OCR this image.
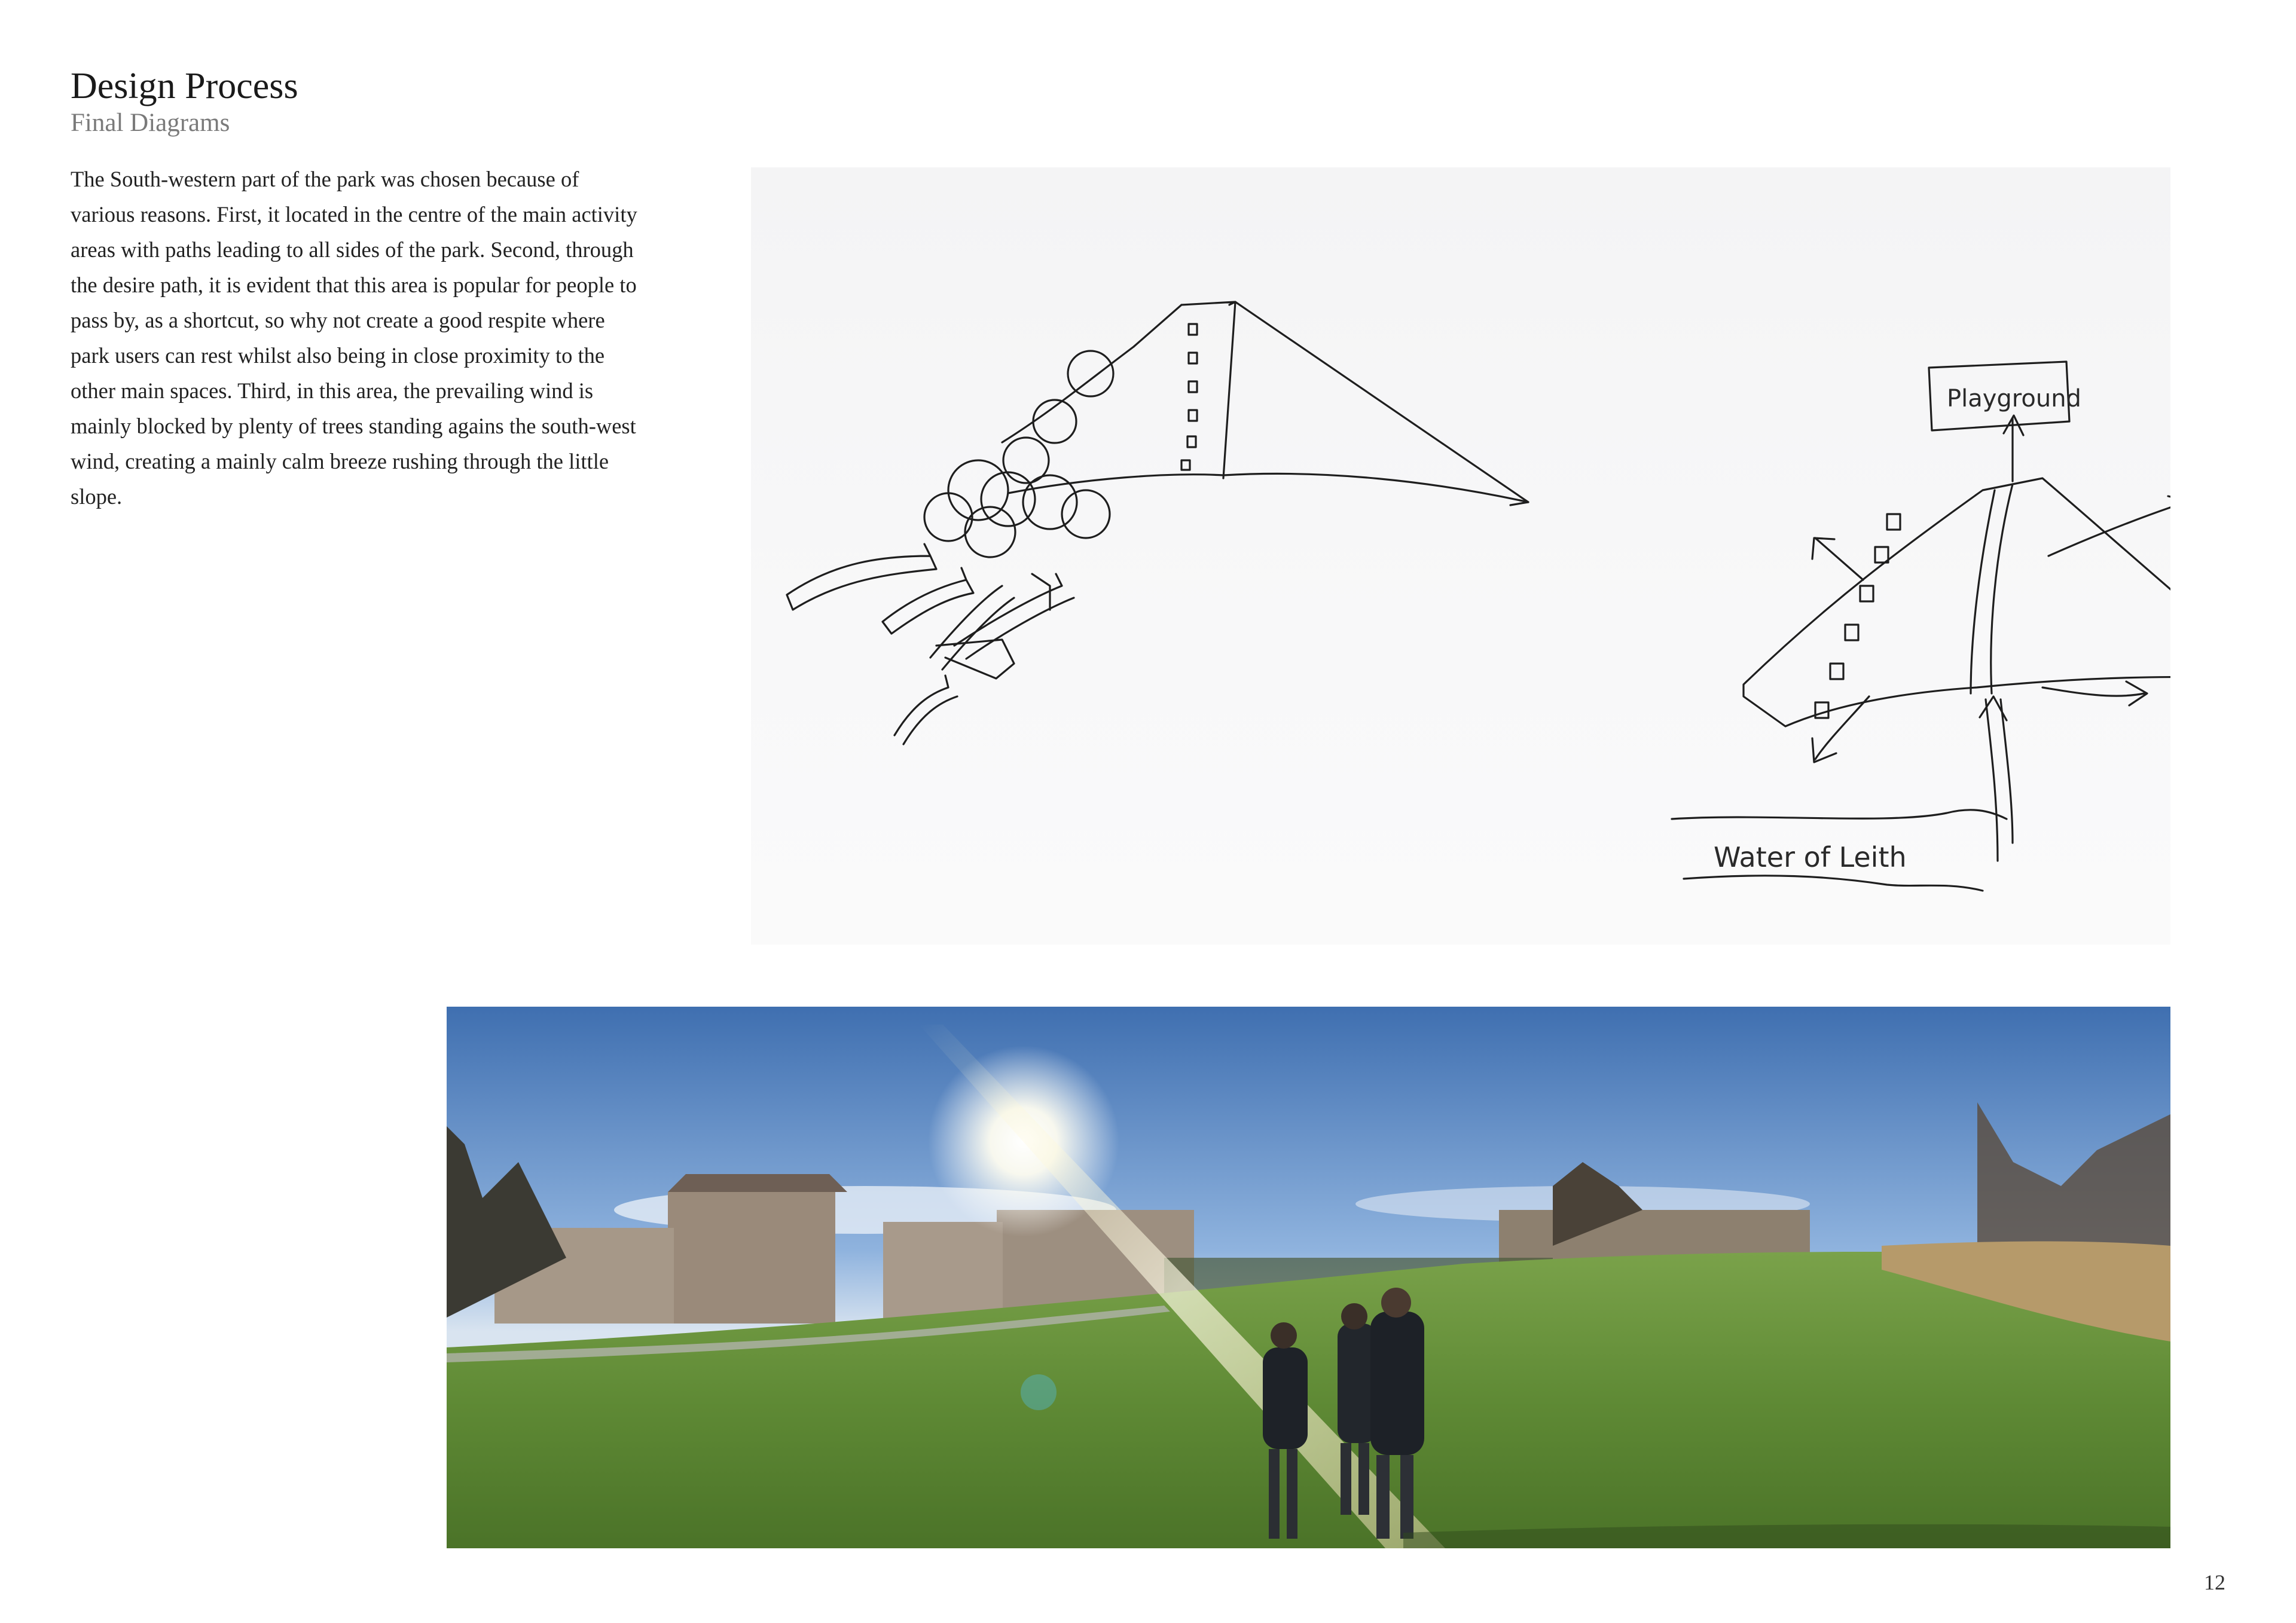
Design Process
Final Diagrams

The South-western part of the park was chosen because of various reasons. First, it located in the centre of the main activity areas with paths leading to all sides of the park. Second, through the desire path, it is evident that this area is popular for people to pass by, as a shortcut, so why not create a good respite where park users can rest whilst also being in close proximity to the other main spaces. Third, in this area, the prevailing wind is mainly blocked by plenty of trees standing agains the south-west wind, creating a mainly calm breeze rushing through the little slope.

Playground
Water of Leith
12
